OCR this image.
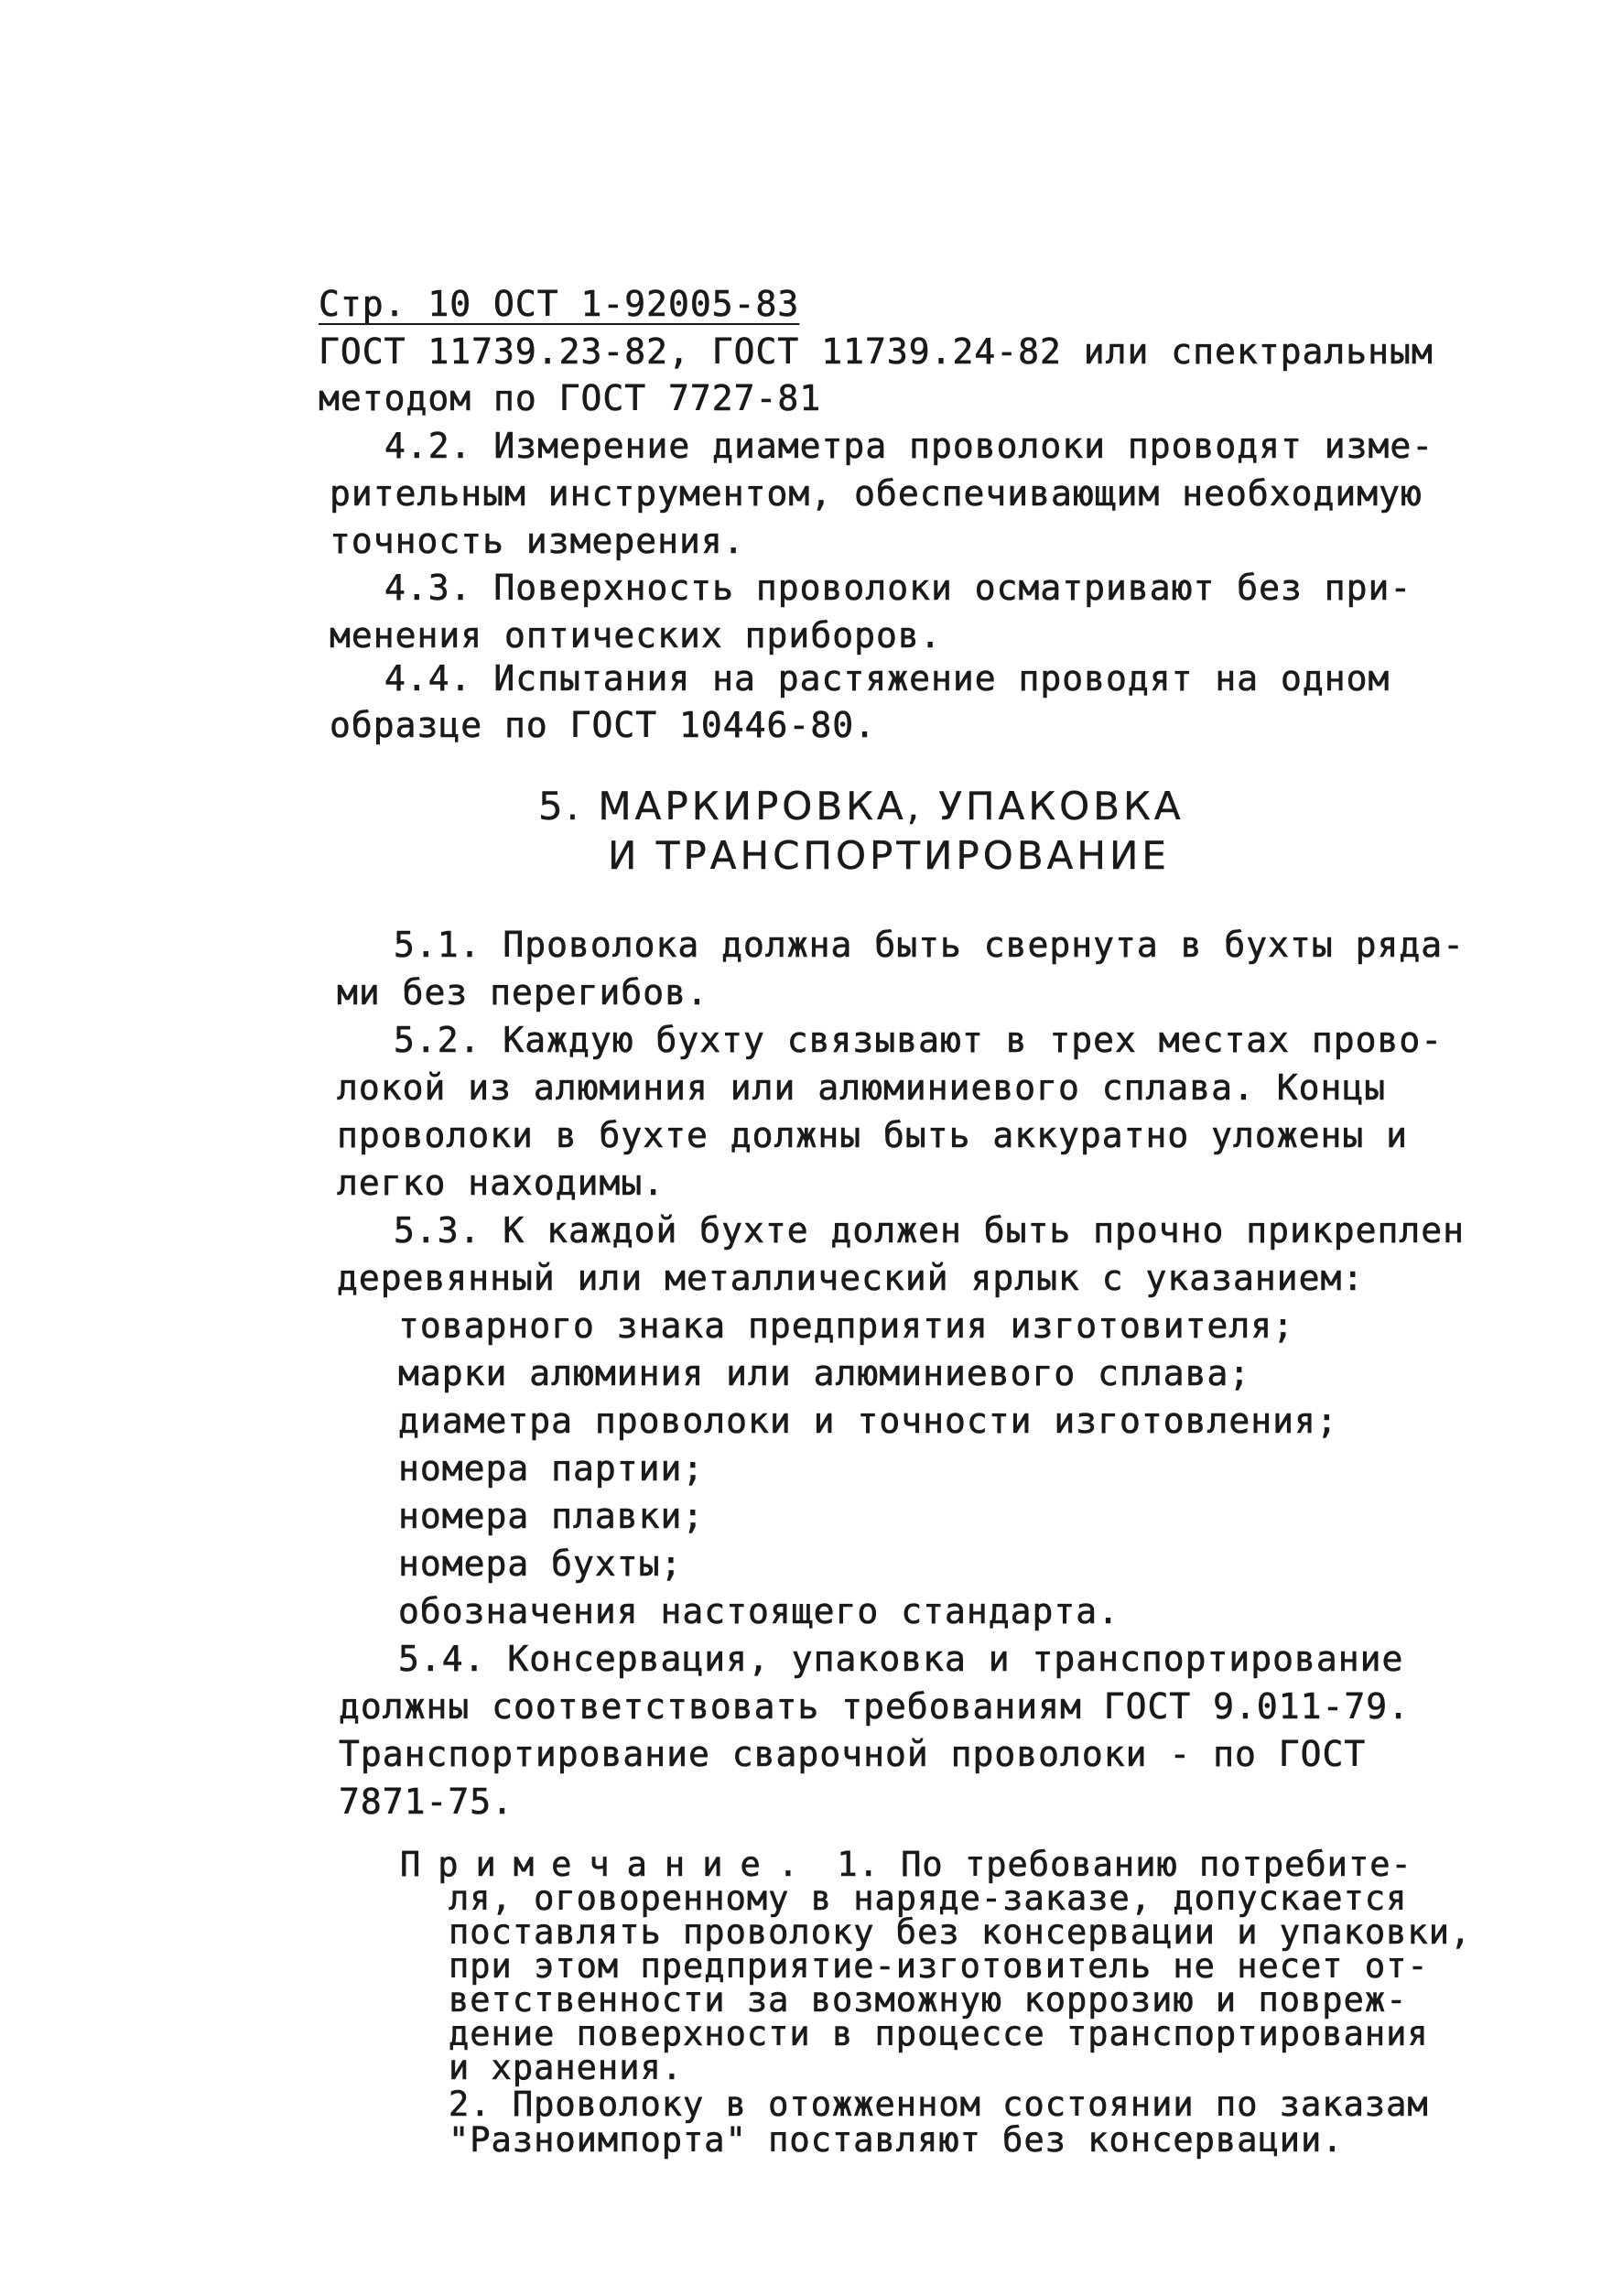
Стр. 10 ОСТ 1-92005-83
ГОСТ 11739.23-82, ГОСТ 11739.24-82 или спектральным
методом по ГОСТ 7727-81
4.2. Измерение диаметра проволоки проводят изме-
рительным инструментом, обеспечивающим необходимую
точность измерения.
4.3. Поверхность проволоки осматривают без при-
менения оптических приборов.
4.4. Испытания на растяжение проводят на одном
образце по ГОСТ 10446-80.
5. МАРКИРОВКА, УПАКОВКА
И ТРАНСПОРТИРОВАНИЕ
5.1. Проволока должна быть свернута в бухты ряда-
ми без перегибов.
5.2. Каждую бухту связывают в трех местах прово-
локой из алюминия или алюминиевого сплава. Концы
проволоки в бухте должны быть аккуратно уложены и
легко находимы.
5.3. К каждой бухте должен быть прочно прикреплен
деревянный или металлический ярлык с указанием:
товарного знака предприятия изготовителя;
марки алюминия или алюминиевого сплава;
диаметра проволоки и точности изготовления;
номера партии;
номера плавки;
номера бухты;
обозначения настоящего стандарта.
5.4. Консервация, упаковка и транспортирование
должны соответствовать требованиям ГОСТ 9.011-79.
Транспортирование сварочной проволоки - по ГОСТ
7871-75.
Примечание. 1. По требованию потребите-
ля, оговоренному в наряде-заказе, допускается
поставлять проволоку без консервации и упаковки,
при этом предприятие-изготовитель не несет от-
ветственности за возможную коррозию и повреж-
дение поверхности в процессе транспортирования
и хранения.
2. Проволоку в отожженном состоянии по заказам
"Разноимпорта" поставляют без консервации.
